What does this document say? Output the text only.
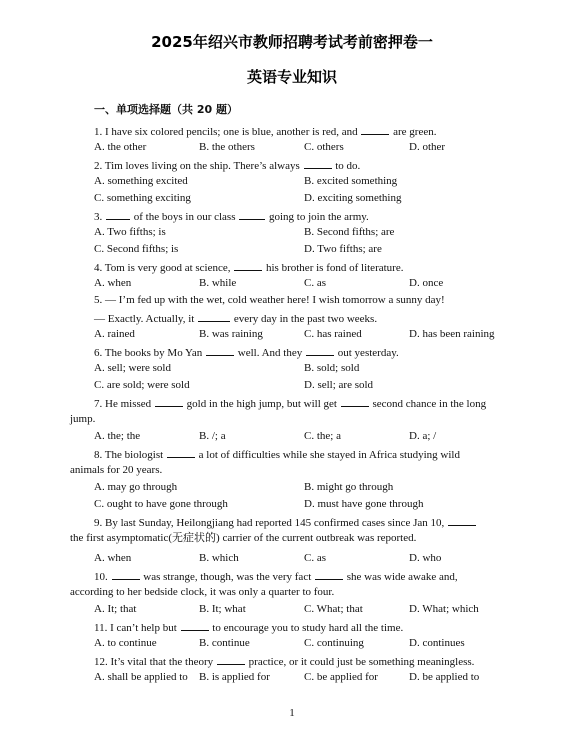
2025年绍兴市教师招聘考试考前密押卷一
英语专业知识
一、单项选择题（共 20 题）
1. I have six colored pencils; one is blue, another is red, and	are green.
A. the other	B. the others	C. others	D. other
2. Tim loves living on the ship. There’s always	to do.
A. something excited	B. excited something
C. something exciting	D. exciting something
3.  of the boys in our class	going to join the army.
A. Two fifths; is	B. Second fifths; are
C. Second fifths; is	D. Two fifths; are
4. Tom is very good at science,	his brother is fond of literature.
A. when	B. while	C. as	D. once
5. — I’m fed up with the wet, cold weather here! I wish tomorrow a sunny day!
— Exactly. Actually, it	every day in the past two weeks.
A. rained	B. was raining	C. has rained	D. has been raining
6. The books by Mo Yan	well. And they	out yesterday.
A. sell; were sold	B. sold; sold
C. are sold; were sold	D. sell; are sold
7. He missed	gold in the high jump, but will get	second chance in the long
jump.
A. the; the	B. /; a	C. the; a	D. a; /
8. The biologist	a lot of difficulties while she stayed in Africa studying wild
animals for 20 years.
A. may go through	B. might go through
C. ought to have gone through	D. must have gone through
9. By last Sunday, Heilongjiang had reported 145 confirmed cases since Jan 10,
the first asymptomatic(无症状的) carrier of the current outbreak was reported.
A. when	B. which	C. as	D. who
10.	was strange, though, was the very fact	she was wide awake and,
according to her bedside clock, it was only a quarter to four.
A. It; that	B. It; what	C. What; that	D. What; which
11. I can’t help but	to encourage you to study hard all the time.
A. to continue	B. continue	C. continuing	D. continues
12. It’s vital that the theory	practice, or it could just be something meaningless.
A. shall be applied to B. is applied for	C. be applied for	D. be applied to
1
